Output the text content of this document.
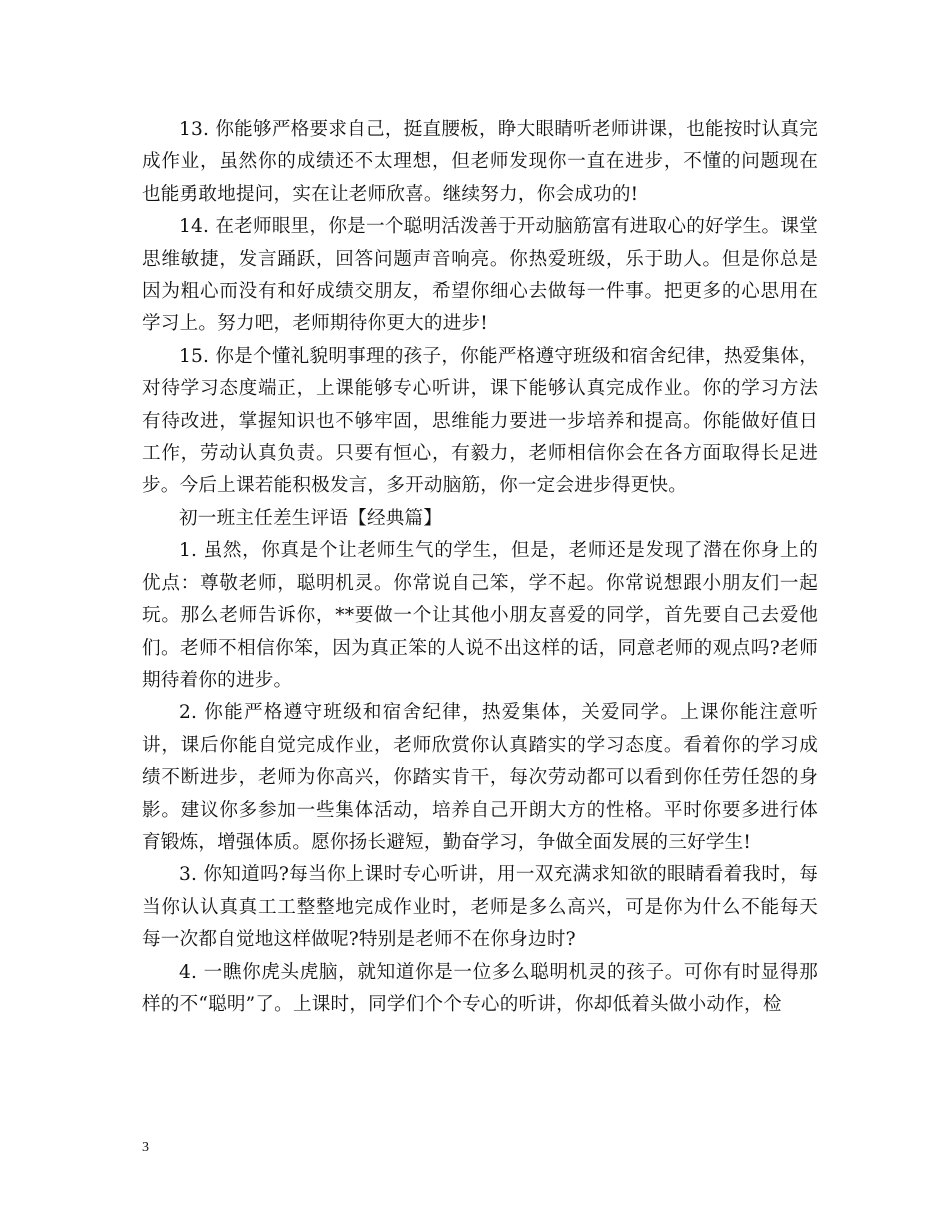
13. 你能够严格要求自己，挺直腰板，睁大眼睛听老师讲课，也能按时认真完成作业，虽然你的成绩还不太理想，但老师发现你一直在进步，不懂的问题现在也能勇敢地提问，实在让老师欣喜。继续努力，你会成功的!

14. 在老师眼里，你是一个聪明活泼善于开动脑筋富有进取心的好学生。课堂思维敏捷，发言踊跃，回答问题声音响亮。你热爱班级，乐于助人。但是你总是因为粗心而没有和好成绩交朋友，希望你细心去做每一件事。把更多的心思用在学习上。努力吧，老师期待你更大的进步!

15. 你是个懂礼貌明事理的孩子，你能严格遵守班级和宿舍纪律，热爱集体，对待学习态度端正，上课能够专心听讲，课下能够认真完成作业。你的学习方法有待改进，掌握知识也不够牢固，思维能力要进一步培养和提高。你能做好值日工作，劳动认真负责。只要有恒心，有毅力，老师相信你会在各方面取得长足进步。今后上课若能积极发言，多开动脑筋，你一定会进步得更快。

初一班主任差生评语【经典篇】

1. 虽然，你真是个让老师生气的学生，但是，老师还是发现了潜在你身上的优点：尊敬老师，聪明机灵。你常说自己笨，学不起。你常说想跟小朋友们一起玩。那么老师告诉你，**要做一个让其他小朋友喜爱的同学，首先要自己去爱他们。老师不相信你笨，因为真正笨的人说不出这样的话，同意老师的观点吗?老师期待着你的进步。

2. 你能严格遵守班级和宿舍纪律，热爱集体，关爱同学。上课你能注意听讲，课后你能自觉完成作业，老师欣赏你认真踏实的学习态度。看着你的学习成绩不断进步，老师为你高兴，你踏实肯干，每次劳动都可以看到你任劳任怨的身影。建议你多参加一些集体活动，培养自己开朗大方的性格。平时你要多进行体育锻炼，增强体质。愿你扬长避短，勤奋学习，争做全面发展的三好学生!

3. 你知道吗?每当你上课时专心听讲，用一双充满求知欲的眼睛看着我时，每当你认认真真工工整整地完成作业时，老师是多么高兴，可是你为什么不能每天每一次都自觉地这样做呢?特别是老师不在你身边时?

4. 一瞧你虎头虎脑，就知道你是一位多么聪明机灵的孩子。可你有时显得那样的不“聪明”了。上课时，同学们个个专心的听讲，你却低着头做小动作，检

3
